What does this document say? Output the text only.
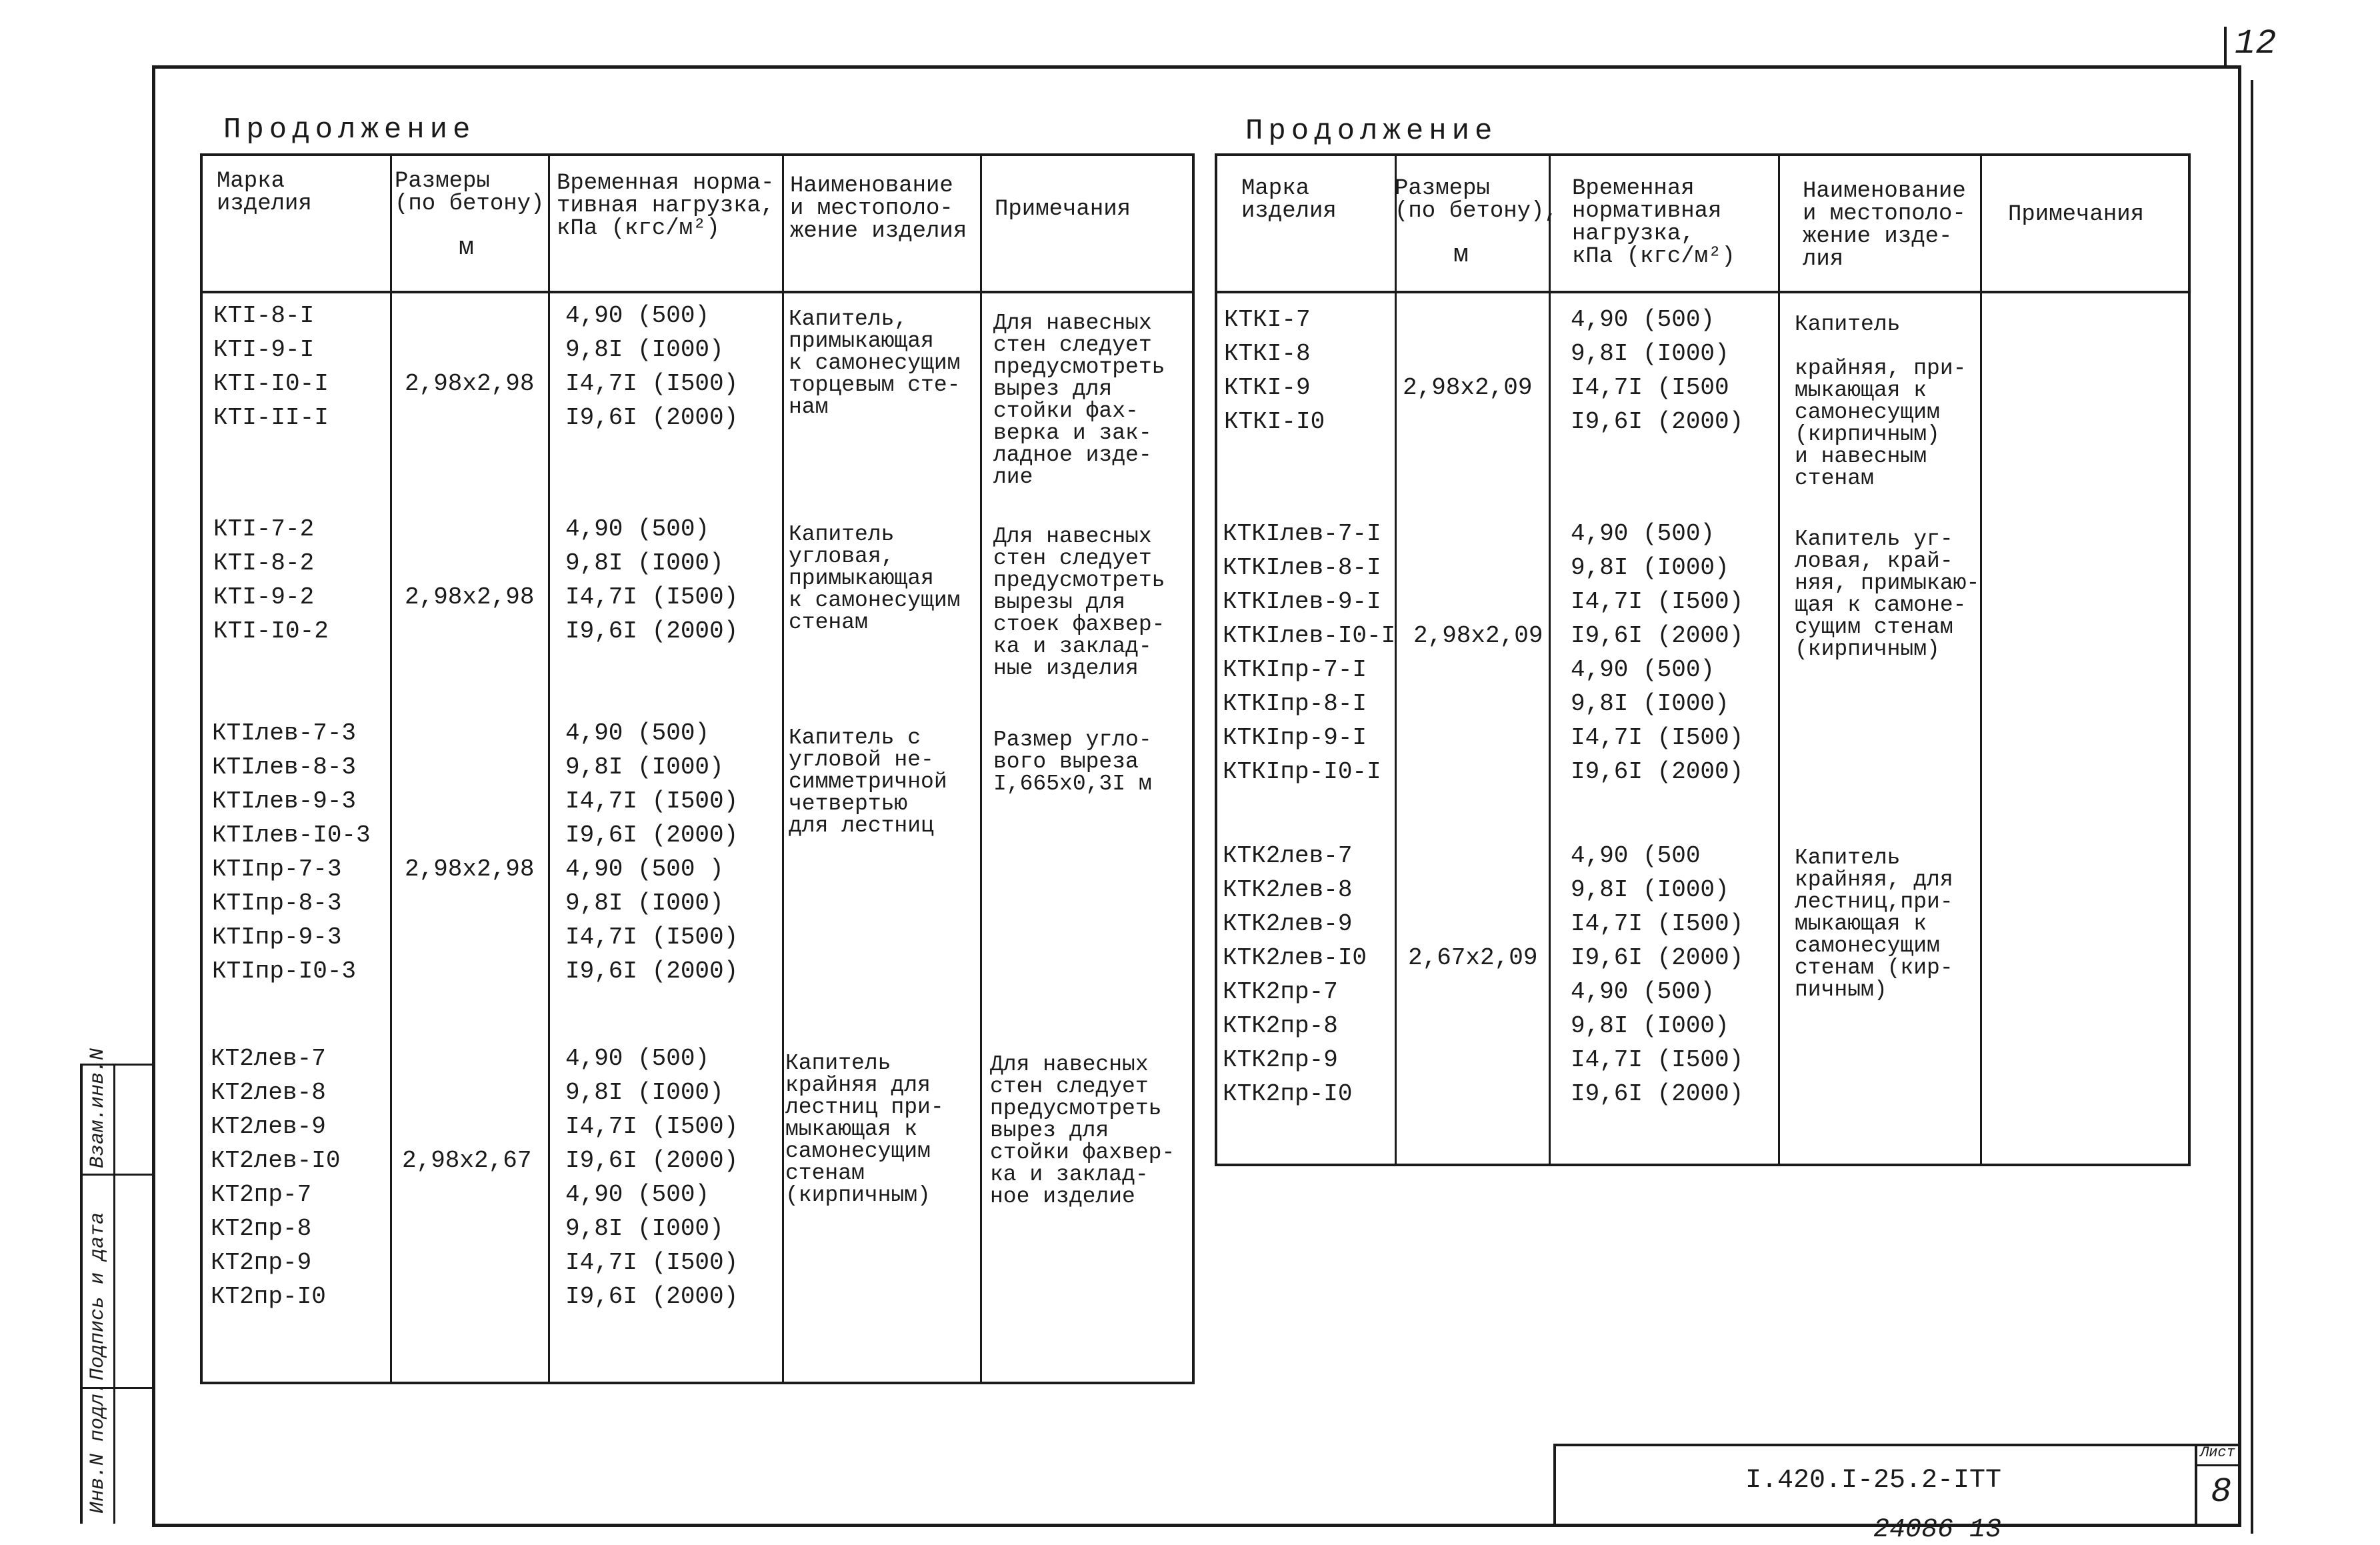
12
Взам.инв.N
Подпись и дата
Инв.N подл.
Продолжение
Марка
изделия
Размеры
(по бетону)
м
Временная норма-
тивная нагрузка,
кПа (кгс/м²)
Наименование
и местополо-
жение изделия
Примечания
КТI-8-I
КТI-9-I
КТI-I0-I
КТI-II-I
2,98х2,98
4,90 (500)
9,8I (I000)
I4,7I (I500)
I9,6I (2000)
Капитель,
примыкающая
к самонесущим
торцевым сте-
нам
Для навесных
стен следует
предусмотреть
вырез для
стойки фах-
верка и зак-
ладное изде-
лие
КТI-7-2
КТI-8-2
КТI-9-2
КТI-I0-2
2,98х2,98
4,90 (500)
9,8I (I000)
I4,7I (I500)
I9,6I (2000)
Капитель
угловая,
примыкающая
к самонесущим
стенам
Для навесных
стен следует
предусмотреть
вырезы для
стоек фахвер-
ка и заклад-
ные изделия
КТIлев-7-3
КТIлев-8-3
КТIлев-9-3
КТIлев-I0-3
КТIпр-7-3
КТIпр-8-3
КТIпр-9-3
КТIпр-I0-3
2,98х2,98
4,90 (500)
9,8I (I000)
I4,7I (I500)
I9,6I (2000)
4,90 (500 )
9,8I (I000)
I4,7I (I500)
I9,6I (2000)
Капитель с
угловой не-
симметричной
четвертью
для лестниц
Размер угло-
вого выреза
I,665х0,3I м
КТ2лев-7
КТ2лев-8
КТ2лев-9
КТ2лев-I0
КТ2пр-7
КТ2пр-8
КТ2пр-9
КТ2пр-I0
2,98х2,67
4,90 (500)
9,8I (I000)
I4,7I (I500)
I9,6I (2000)
4,90 (500)
9,8I (I000)
I4,7I (I500)
I9,6I (2000)
Капитель
крайняя для
лестниц при-
мыкающая к
самонесущим
стенам
(кирпичным)
Для навесных
стен следует
предусмотреть
вырез для
стойки фахвер-
ка и заклад-
ное изделие
Продолжение
Марка
изделия
Размеры
(по бетону),
м
Временная
нормативная
нагрузка,
кПа (кгс/м²)
Наименование
и местополо-
жение изде-
лия
Примечания
КТКI-7
КТКI-8
КТКI-9
КТКI-I0
2,98х2,09
4,90 (500)
9,8I (I000)
I4,7I (I500
I9,6I (2000)
Капитель

крайняя, при-
мыкающая к
самонесущим
(кирпичным)
и навесным
стенам
КТКIлев-7-I
КТКIлев-8-I
КТКIлев-9-I
КТКIлев-I0-I
КТКIпр-7-I
КТКIпр-8-I
КТКIпр-9-I
КТКIпр-I0-I
2,98х2,09
4,90 (500)
9,8I (I000)
I4,7I (I500)
I9,6I (2000)
4,90 (500)
9,8I (I000)
I4,7I (I500)
I9,6I (2000)
Капитель уг-
ловая, край-
няя, примыкаю-
щая к самоне-
сущим стенам
(кирпичным)
КТК2лев-7
КТК2лев-8
КТК2лев-9
КТК2лев-I0
КТК2пр-7
КТК2пр-8
КТК2пр-9
КТК2пр-I0
2,67х2,09
4,90 (500
9,8I (I000)
I4,7I (I500)
I9,6I (2000)
4,90 (500)
9,8I (I000)
I4,7I (I500)
I9,6I (2000)
Капитель
крайняя, для
лестниц,при-
мыкающая к
самонесущим
стенам (кир-
пичным)
I.420.I-25.2-IТТ
Лист
8
24086 13
